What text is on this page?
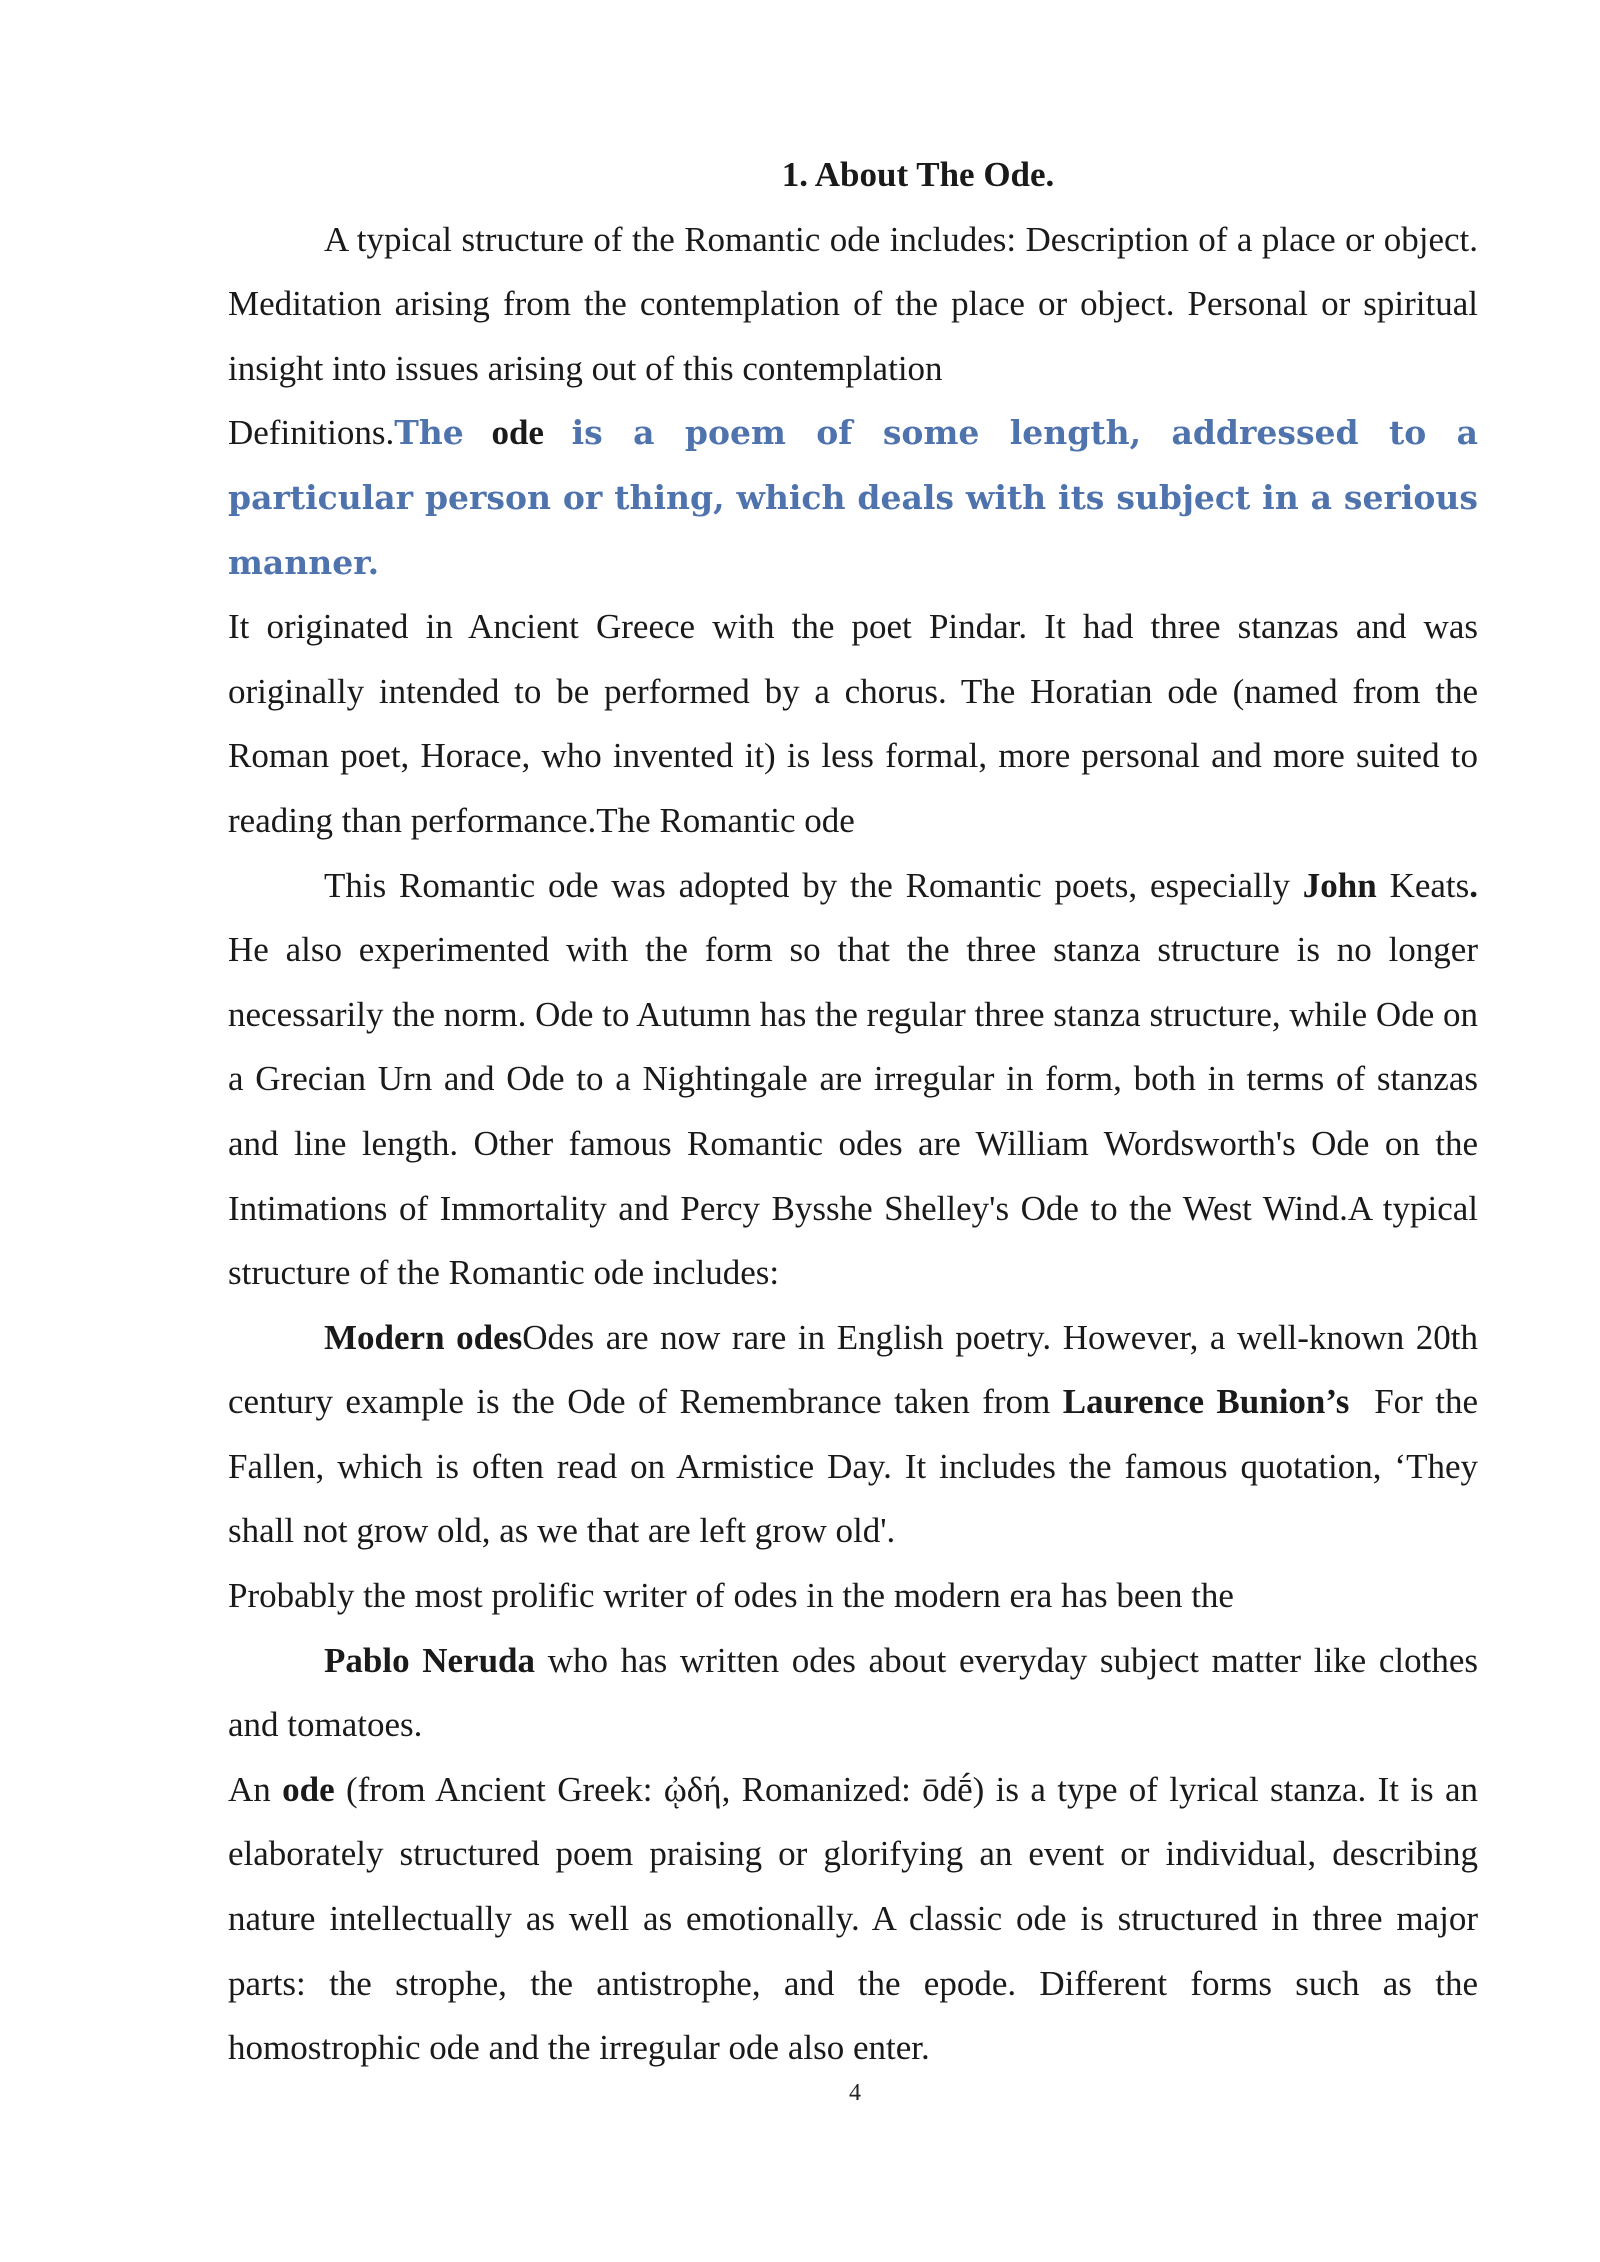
1. About The Ode.

A typical structure of the Romantic ode includes: Description of a place or object. Meditation arising from the contemplation of the place or object. Personal or spiritual insight into issues arising out of this contemplation

Definitions.The ode is a poem of some length, addressed to a particular person or thing, which deals with its subject in a serious manner.

It originated in Ancient Greece with the poet Pindar. It had three stanzas and was originally intended to be performed by a chorus. The Horatian ode (named from the Roman poet, Horace, who invented it) is less formal, more personal and more suited to reading than performance.The Romantic ode

This Romantic ode was adopted by the Romantic poets, especially John Keats. He also experimented with the form so that the three stanza structure is no longer necessarily the norm. Ode to Autumn has the regular three stanza structure, while Ode on a Grecian Urn and Ode to a Nightingale are irregular in form, both in terms of stanzas and line length. Other famous Romantic odes are William Wordsworth's Ode on the Intimations of Immortality and Percy Bysshe Shelley's Ode to the West Wind.A typical structure of the Romantic ode includes:

Modern odesOdes are now rare in English poetry. However, a well-known 20th century example is the Ode of Remembrance taken from Laurence Bunion’s For the Fallen, which is often read on Armistice Day. It includes the famous quotation, ‘They shall not grow old, as we that are left grow old'.

Probably the most prolific writer of odes in the modern era has been the

Pablo Neruda who has written odes about everyday subject matter like clothes and tomatoes.

An ode (from Ancient Greek: ᾠδή, Romanized: ōdḗ) is a type of lyrical stanza. It is an elaborately structured poem praising or glorifying an event or individual, describing nature intellectually as well as emotionally. A classic ode is structured in three major parts: the strophe, the antistrophe, and the epode. Different forms such as the homostrophic ode and the irregular ode also enter.

4
